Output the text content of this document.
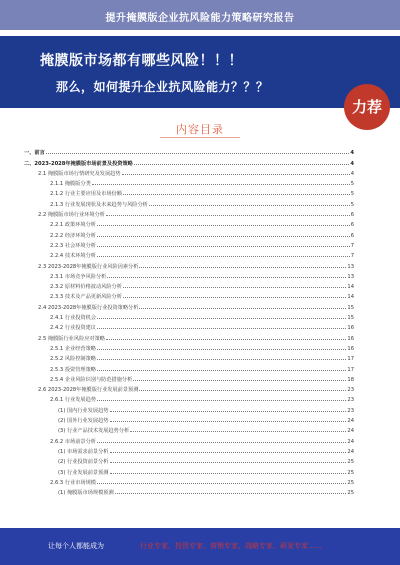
提升掩膜版企业抗风险能力策略研究报告
掩膜版市场都有哪些风险！！！
那么，如何提升企业抗风险能力？？？
力荐
内容目录
一、前言	4
二、2023-2028年掩膜版市场前景及投资策略	4
2.1 掩膜版市场行情研究及发展趋势	4
2.1.1 掩膜版分类	5
2.1.2 行业主要应用及市场份额	5
2.1.3 行业发展现状及未来趋势与风险分析	5
2.2 掩膜版市场行业环境分析	6
2.2.1 政策环境分析	6
2.2.2 经济环境分析	6
2.2.3 社会环境分析	7
2.2.4 技术环境分析	7
2.3 2023-2028年掩膜版行业风险因素分析	13
2.3.1 市场竞争风险分析	13
2.3.2 原材料价格波动风险分析	14
2.3.3 技术及产品更新风险分析	14
2.4 2023-2028年掩膜版行业投资策略分析	15
2.4.1 行业投资机会	15
2.4.2 行业投资建议	16
2.5 掩膜版行业风险应对策略	16
2.5.1 企业经营策略	16
2.5.2 风险控制策略	17
2.5.3 投资管理策略	17
2.5.4 企业风险识别与防范措施分析	18
2.6 2023-2028年掩膜版行业发展前景预测	23
2.6.1 行业发展趋势	23
(1) 国内行业发展趋势	23
(2) 国外行业发展趋势	24
(3) 行业产品技术发展趋势分析	24
2.6.2 市场前景分析	24
(1) 市场需求前景分析	24
(2) 行业投资前景分析	25
(3) 行业发展前景预测	25
2.6.3 行业市场规模	25
(1) 掩膜版市场规模预测	25
让每个人都能成为	行业专家、投资专家、营销专家、战略专家、研发专家……
